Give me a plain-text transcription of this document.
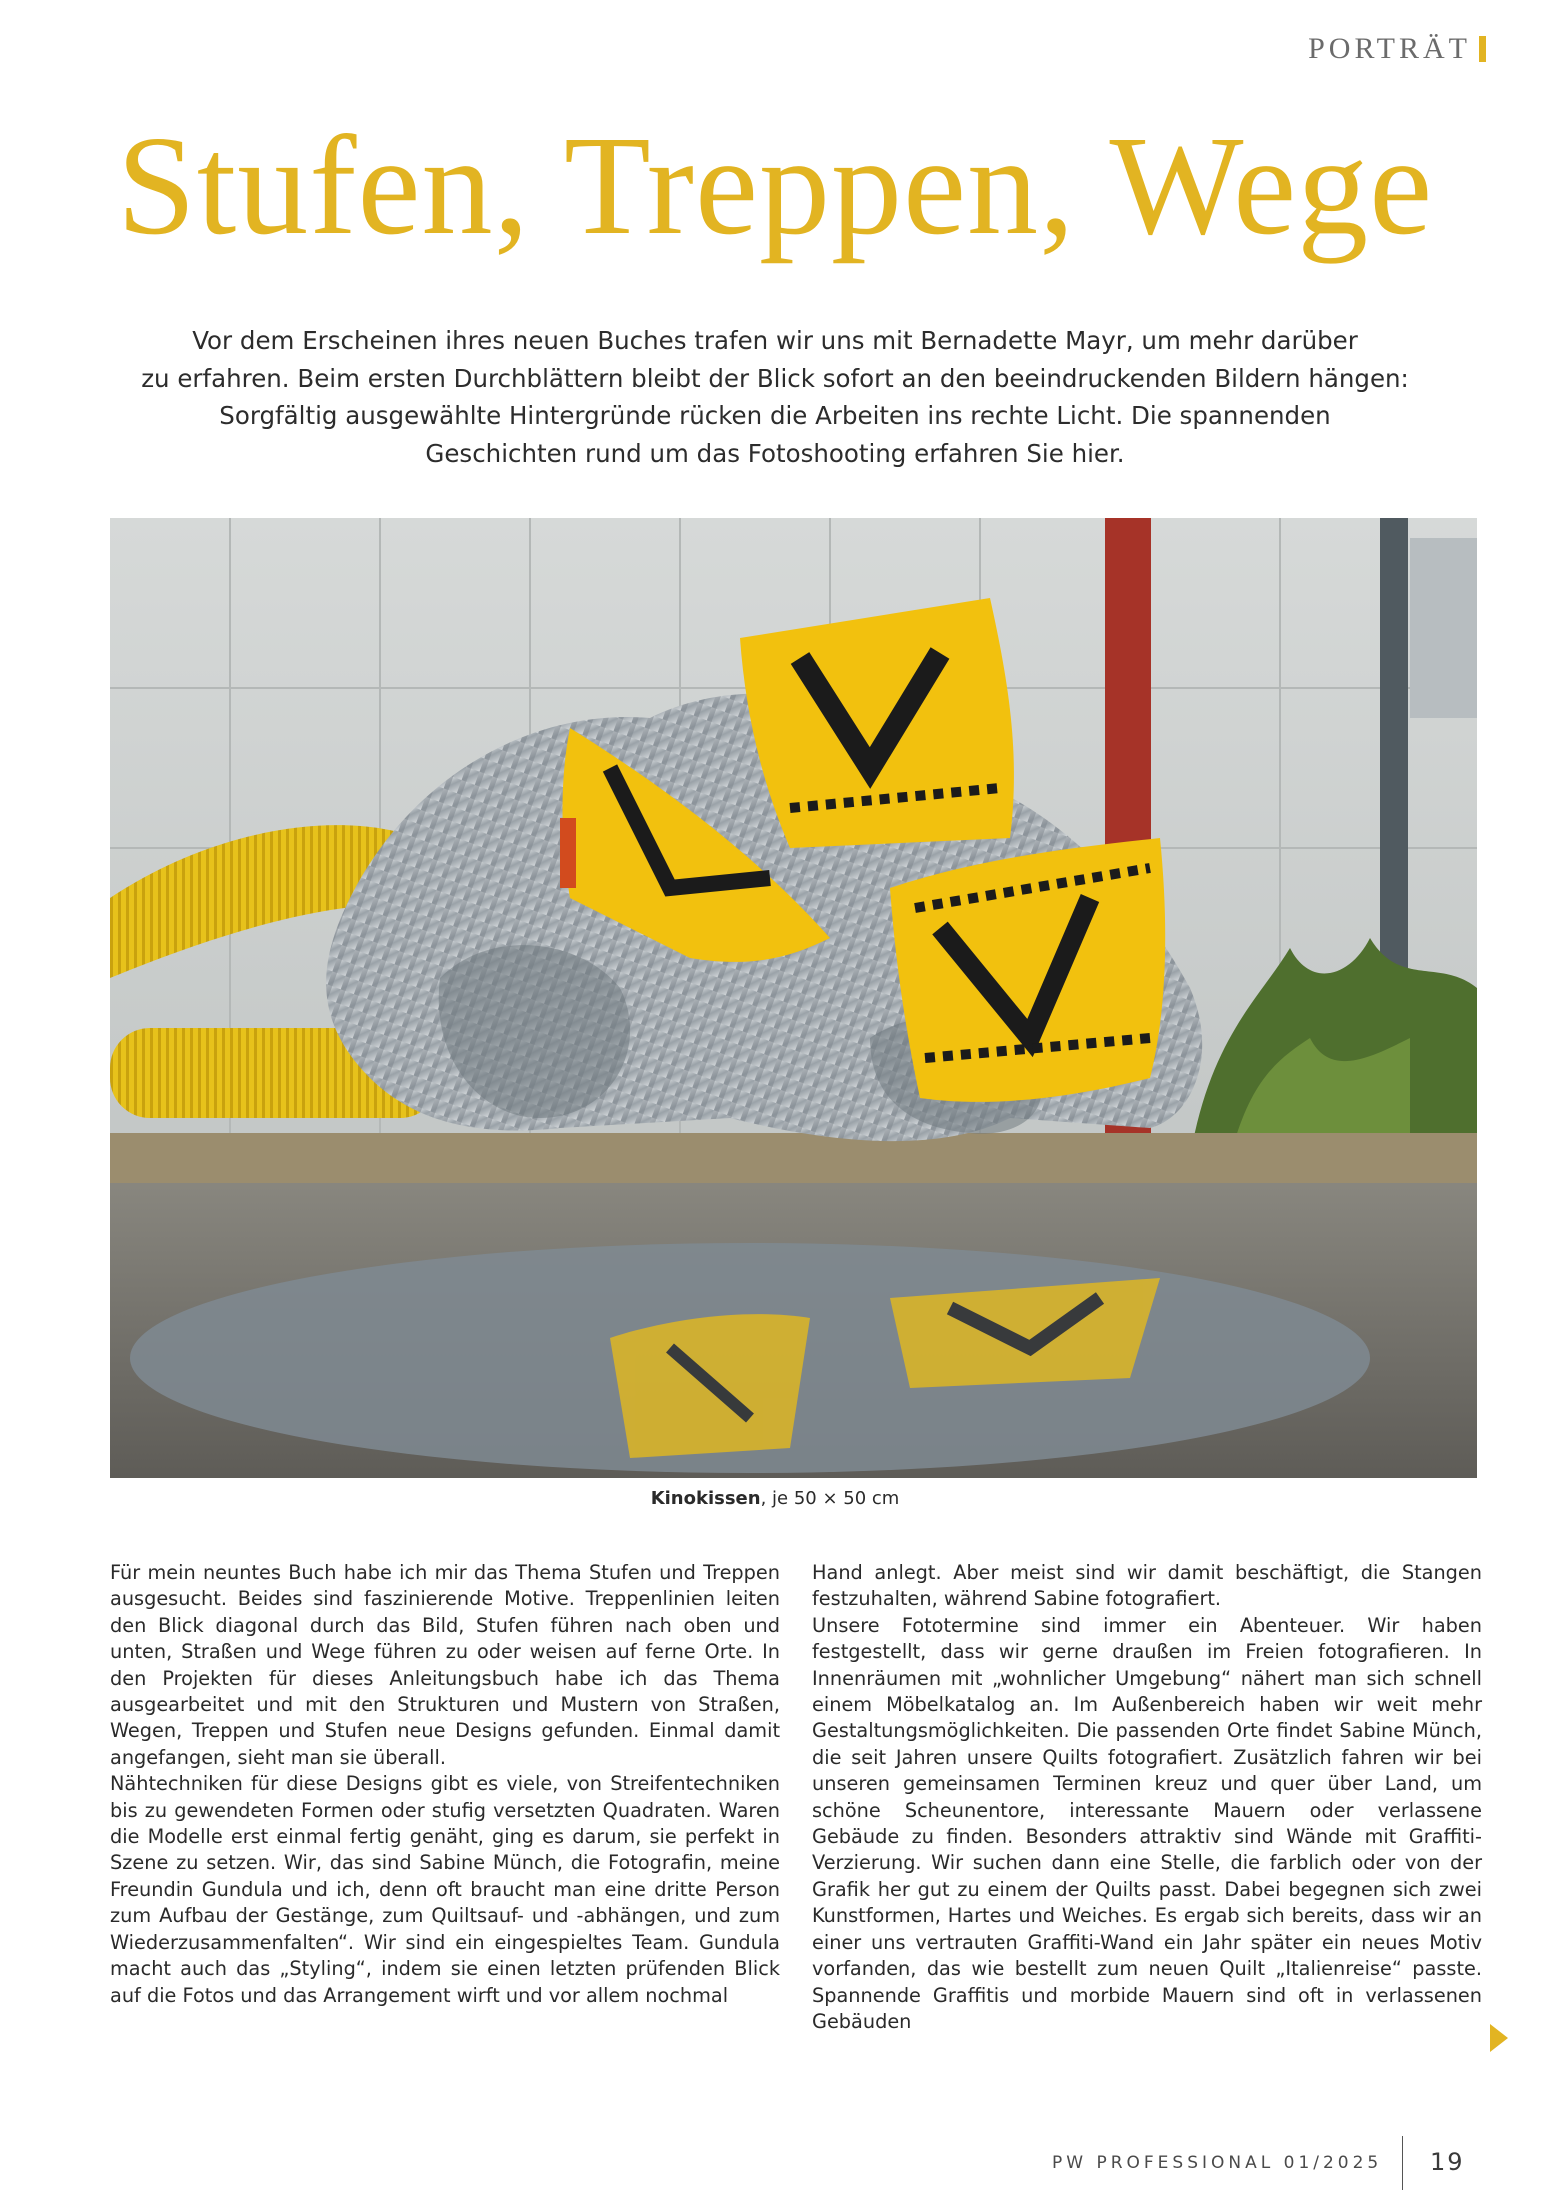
PORTRÄT
Stufen, Treppen, Wege

Vor dem Erscheinen ihres neuen Buches trafen wir uns mit Bernadette Mayr, um mehr darüber
zu erfahren. Beim ersten Durchblättern bleibt der Blick sofort an den beeindruckenden Bildern hängen:
Sorgfältig ausgewählte Hintergründe rücken die Arbeiten ins rechte Licht. Die spannenden
Geschichten rund um das Fotoshooting erfahren Sie hier.

Kinokissen, je 50 × 50 cm

Für mein neuntes Buch habe ich mir das Thema Stufen und Treppen ausgesucht. Beides sind faszinierende Motive. Treppenlinien leiten den Blick diagonal durch das Bild, Stufen führen nach oben und unten, Straßen und Wege führen zu oder weisen auf ferne Orte. In den Projekten für dieses Anleitungsbuch habe ich das Thema ausgearbeitet und mit den Strukturen und Mustern von Straßen, Wegen, Treppen und Stufen neue Designs gefunden. Einmal damit angefangen, sieht man sie überall.

Nähtechniken für diese Designs gibt es viele, von Streifentechniken bis zu gewendeten Formen oder stufig versetzten Quadraten. Waren die Modelle erst einmal fertig genäht, ging es darum, sie perfekt in Szene zu setzen. Wir, das sind Sabine Münch, die Fotografin, meine Freundin Gundula und ich, denn oft braucht man eine dritte Person zum Aufbau der Gestänge, zum Quiltsauf- und -abhängen, und zum Wiederzusammenfalten“. Wir sind ein eingespieltes Team. Gundula macht auch das „Styling“, indem sie einen letzten prüfenden Blick auf die Fotos und das Arrangement wirft und vor allem nochmal

Hand anlegt. Aber meist sind wir damit beschäftigt, die Stangen festzuhalten, während Sabine fotografiert.

Unsere Fototermine sind immer ein Abenteuer. Wir haben festgestellt, dass wir gerne draußen im Freien fotografieren. In Innenräumen mit „wohnlicher Umgebung“ nähert man sich schnell einem Möbelkatalog an. Im Außenbereich haben wir weit mehr Gestaltungsmöglichkeiten. Die passenden Orte findet Sabine Münch, die seit Jahren unsere Quilts fotografiert. Zusätzlich fahren wir bei unseren gemeinsamen Terminen kreuz und quer über Land, um schöne Scheunentore, interessante Mauern oder verlassene Gebäude zu finden. Besonders attraktiv sind Wände mit Graffiti-Verzierung. Wir suchen dann eine Stelle, die farblich oder von der Grafik her gut zu einem der Quilts passt. Dabei begegnen sich zwei Kunstformen, Hartes und Weiches. Es ergab sich bereits, dass wir an einer uns vertrauten Graffiti-Wand ein Jahr später ein neues Motiv vorfanden, das wie bestellt zum neuen Quilt „Italienreise“ passte. Spannende Graffitis und morbide Mauern sind oft in verlassenen Gebäuden

PW PROFESSIONAL 01/2025 19
